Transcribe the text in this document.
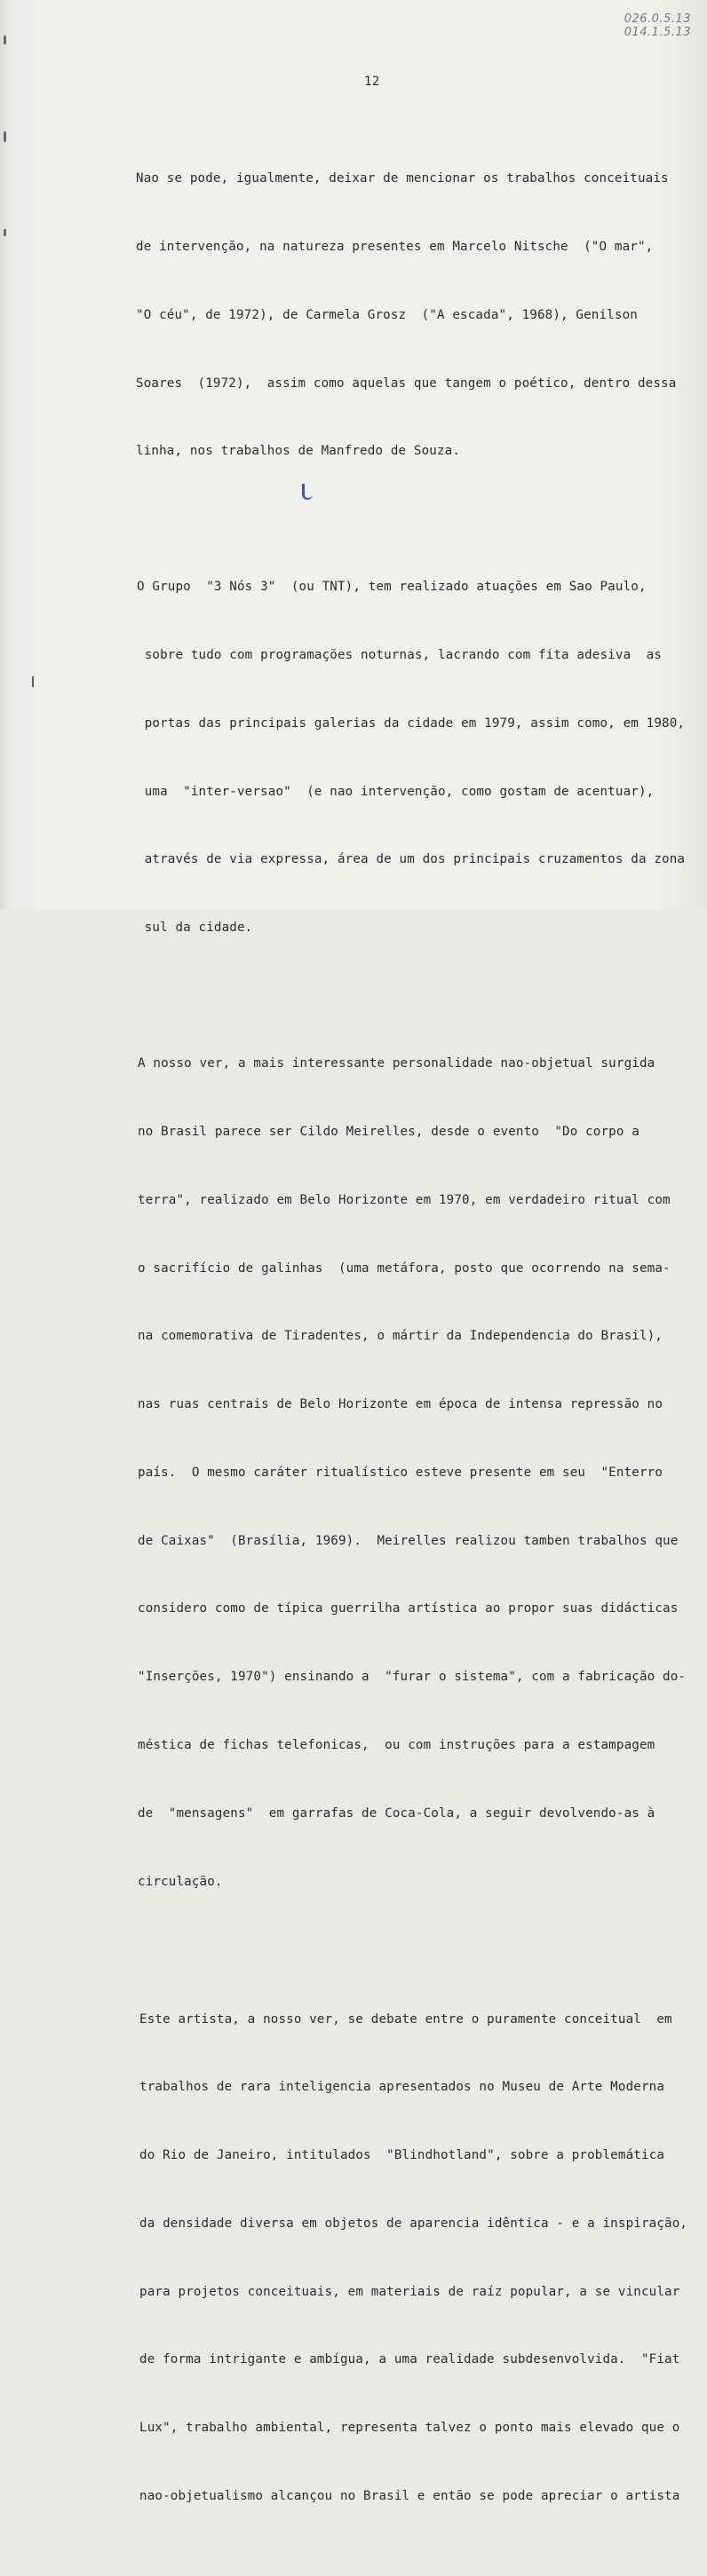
026.0.5.13
014.1.5.13
12

Nao se pode, igualmente, deixar de mencionar os trabalhos conceituais

de intervenção, na natureza presentes em Marcelo Nitsche  ("O mar",

"O céu", de 1972), de Carmela Grosz  ("A escada", 1968), Genilson

Soares  (1972),  assim como aquelas que tangem o poético, dentro dessa

linha, nos trabalhos de Manfredo de Souza.

O Grupo  "3 Nós 3"  (ou TNT), tem realizado atuações em Sao Paulo,

sobre tudo com programações noturnas, lacrando com fita adesiva  as

portas das principais galerias da cidade em 1979, assim como, em 1980,

uma  "inter-versao"  (e nao intervenção, como gostam de acentuar),

através de via expressa, área de um dos principais cruzamentos da zona

sul da cidade.

A nosso ver, a mais interessante personalidade nao-objetual surgida

no Brasil parece ser Cildo Meirelles, desde o evento  "Do corpo a

terra", realizado em Belo Horizonte em 1970, em verdadeiro ritual com

o sacrifício de galinhas  (uma metáfora, posto que ocorrendo na sema-

na comemorativa de Tiradentes, o mártir da Independencia do Brasil),

nas ruas centrais de Belo Horizonte em época de intensa repressão no

país.  O mesmo caráter ritualístico esteve presente em seu  "Enterro

de Caixas"  (Brasília, 1969).  Meirelles realizou tamben trabalhos que

considero como de típica guerrilha artística ao propor suas didácticas

"Inserções, 1970") ensinando a  "furar o sistema", com a fabricação do-

méstica de fichas telefonicas,  ou com instruções para a estampagem

de  "mensagens"  em garrafas de Coca-Cola, a seguir devolvendo-as à

circulação.

Este artista, a nosso ver, se debate entre o puramente conceitual  em

trabalhos de rara inteligencia apresentados no Museu de Arte Moderna

do Rio de Janeiro, intitulados  "Blindhotland", sobre a problemática

da densidade diversa em objetos de aparencia idêntica - e a inspiração,

para projetos conceituais, em materiais de raíz popular, a se vincular

de forma intrigante e ambígua, a uma realidade subdesenvolvida.  "Fiat

Lux", trabalho ambiental, representa talvez o ponto mais elevado que o

nao-objetualismo alcançou no Brasil e então se pode apreciar o artista
